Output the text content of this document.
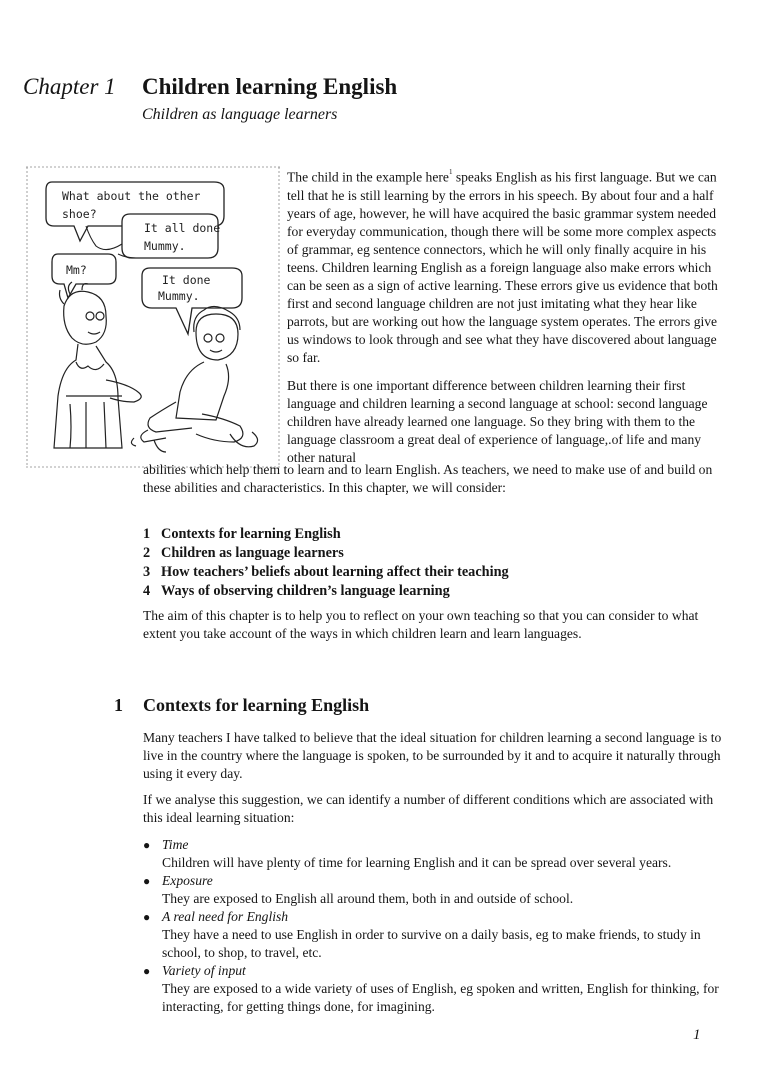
Chapter 1 Children learning English
Children as language learners
What about the other
shoe?
It all done
Mummy.
Mm?
It done
Mummy.

The child in the example here$^1$ speaks English as his first language. But we can tell that he is still learning by the errors in his speech. By about four and a half years of age, however, he will have acquired the basic grammar system needed for everyday communication, though there will be some more complex aspects of grammar, eg sentence connectors, which he will only finally acquire in his teens. Children learning English as a foreign language also make errors which can be seen as a sign of active learning. These errors give us evidence that both first and second language children are not just imitating what they hear like parrots, but are working out how the language system operates. The errors give us windows to look through and see what they have discovered about language so far.

But there is one important difference between children learning their first language and children learning a second language at school: second language children have already learned one language. So they bring with them to the language classroom a great deal of experience of language,.of life and many other natural

abilities which help them to learn and to learn English. As teachers, we need to make use of and build on these abilities and characteristics. In this chapter, we will consider:

1 Contexts for learning English
2 Children as language learners
3 How teachers’ beliefs about learning affect their teaching
4 Ways of observing children’s language learning

The aim of this chapter is to help you to reflect on your own teaching so that you can consider to what extent you take account of the ways in which children learn and learn languages.

1 Contexts for learning English

Many teachers I have talked to believe that the ideal situation for children learning a second language is to live in the country where the language is spoken, to be surrounded by it and to acquire it naturally through using it every day.

If we analyse this suggestion, we can identify a number of different conditions which are associated with this ideal learning situation:

● Time
Children will have plenty of time for learning English and it can be spread over several years.
● Exposure
They are exposed to English all around them, both in and outside of school.
● A real need for English
They have a need to use English in order to survive on a daily basis, eg to make friends, to study in school, to shop, to travel, etc.
● Variety of input
They are exposed to a wide variety of uses of English, eg spoken and written, English for thinking, for interacting, for getting things done, for imagining.
1
